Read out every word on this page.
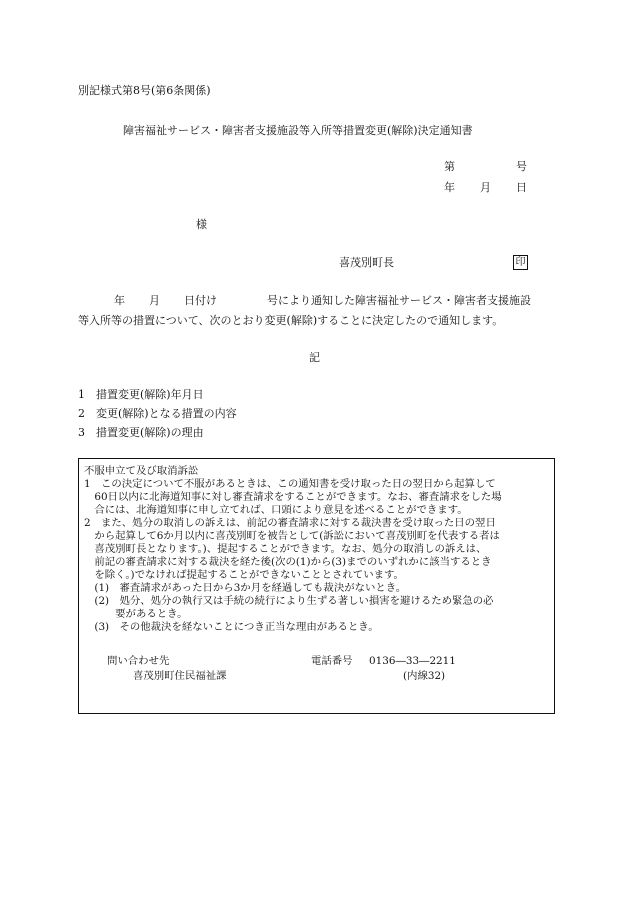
別記様式第8号(第6条関係)
障害福祉サービス・障害者支援施設等入所等措置変更(解除)決定通知書
第	号
年 月 日
様
喜茂別町長	印
年 月 日付け	号により通知した障害福祉サービス・障害者支援施設
等入所等の措置について、次のとおり変更(解除)することに決定したので通知します。
記
1　措置変更(解除)年月日
2　変更(解除)となる措置の内容
3　措置変更(解除)の理由
不服申立て及び取消訴訟
1　この決定について不服があるときは、この通知書を受け取った日の翌日から起算して
　60日以内に北海道知事に対し審査請求をすることができます。なお、審査請求をした場
　合には、北海道知事に申し立てれば、口頭により意見を述べることができます。
2　また、処分の取消しの訴えは、前記の審査請求に対する裁決書を受け取った日の翌日
　から起算して6か月以内に喜茂別町を被告として(訴訟において喜茂別町を代表する者は
　喜茂別町長となります。)、提起することができます。なお、処分の取消しの訴えは、
　前記の審査請求に対する裁決を経た後(次の(1)から(3)までのいずれかに該当するとき
　を除く。)でなければ提起することができないこととされています。
　(1)　審査請求があった日から3か月を経過しても裁決がないとき。
　(2)　処分、処分の執行又は手続の続行により生ずる著しい損害を避けるため緊急の必
　　　要があるとき。
　(3)　その他裁決を経ないことにつき正当な理由があるとき。
問い合わせ先	電話番号 0136―33―2211
喜茂別町住民福祉課	(内線32)
